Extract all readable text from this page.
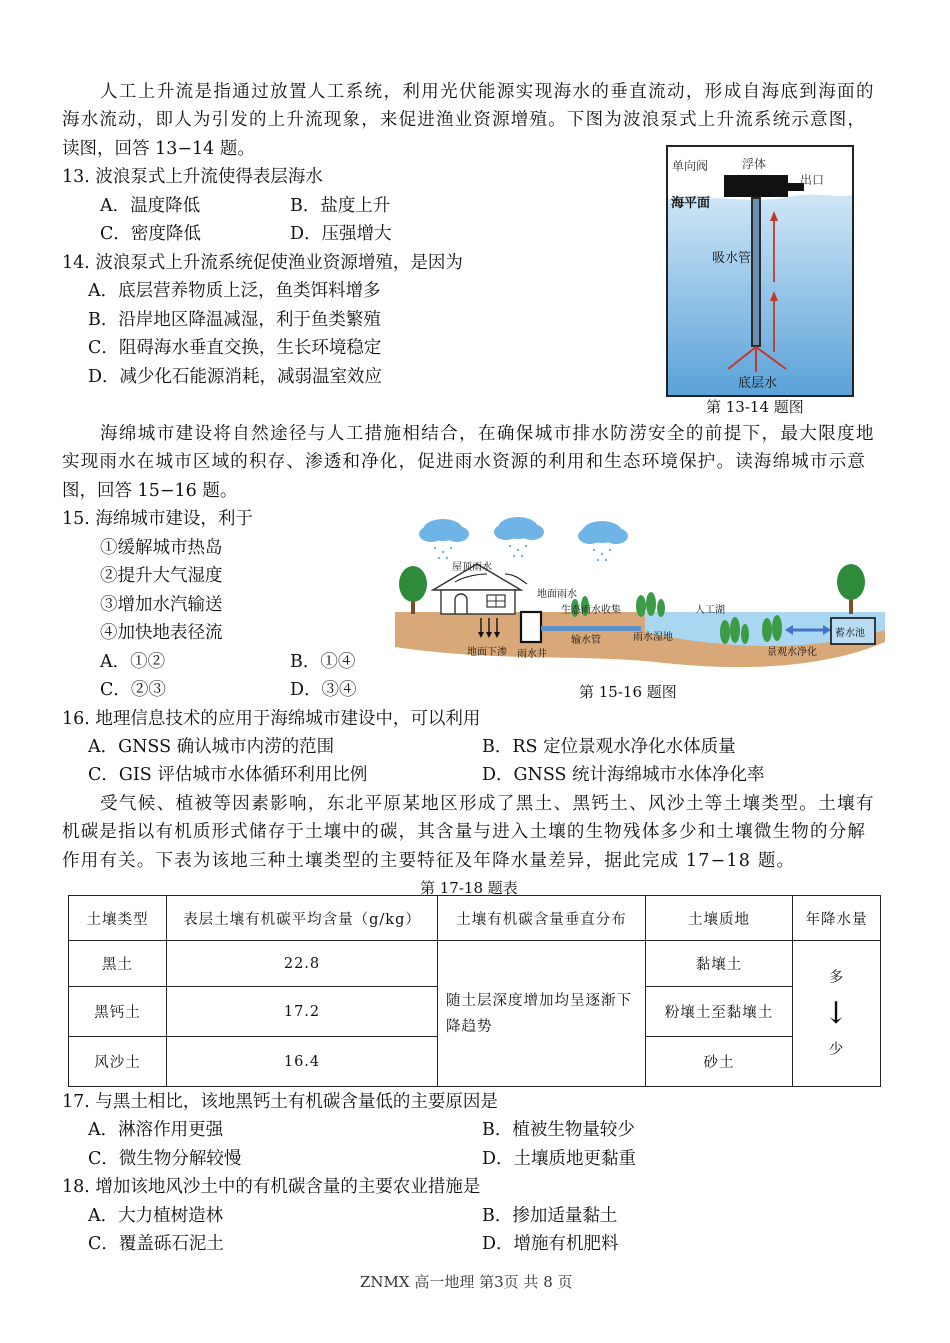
人工上升流是指通过放置人工系统，利用光伏能源实现海水的垂直流动，形成自海底到海面的
海水流动，即人为引发的上升流现象，来促进渔业资源增殖。下图为波浪泵式上升流系统示意图，
读图，回答 13−14 题。
13. 波浪泵式上升流使得表层海水
A．温度降低	B．盐度上升
C．密度降低	D．压强增大
14. 波浪泵式上升流系统促使渔业资源增殖，是因为
A．底层营养物质上泛，鱼类饵料增多
B．沿岸地区降温减湿，利于鱼类繁殖
C．阻碍海水垂直交换，生长环境稳定
D．减少化石能源消耗，减弱温室效应
单向阀	浮体
出口
海平面
吸水管
底层水
第 13-14 题图
海绵城市建设将自然途径与人工措施相结合，在确保城市排水防涝安全的前提下，最大限度地
实现雨水在城市区域的积存、渗透和净化，促进雨水资源的利用和生态环境保护。读海绵城市示意
图，回答 15−16 题。
15. 海绵城市建设，利于
①缓解城市热岛
②提升大气湿度
③增加水汽输送
④加快地表径流
A．①②	B．①④
C．②③	D．③④
屋顶雨水
地面雨水
生态雨水收集	人工湖
地面下渗 雨水井
输水管	雨水湿地
景观水净化
蓄水池
第 15-16 题图
16. 地理信息技术的应用于海绵城市建设中，可以利用
A．GNSS 确认城市内涝的范围	B．RS 定位景观水净化水体质量
C．GIS 评估城市水体循环利用比例	D．GNSS 统计海绵城市水体净化率
受气候、植被等因素影响，东北平原某地区形成了黑土、黑钙土、风沙土等土壤类型。土壤有
机碳是指以有机质形式储存于土壤中的碳，其含量与进入土壤的生物残体多少和土壤微生物的分解
作用有关。下表为该地三种土壤类型的主要特征及年降水量差异，据此完成 17−18 题。
第 17-18 题表
土壤类型	表层土壤有机碳平均含量（g/kg）	土壤有机碳含量垂直分布	土壤质地	年降水量
黑土	22.8	随土层深度增加均呈逐渐下降趋势	黏壤土	多
↓
少

黑钙土	17.2		粉壤土至黏壤土	
风沙土	16.4		砂土	
17. 与黑土相比，该地黑钙土有机碳含量低的主要原因是
A．淋溶作用更强	B．植被生物量较少
C．微生物分解较慢	D．土壤质地更黏重
18. 增加该地风沙土中的有机碳含量的主要农业措施是
A．大力植树造林	B．掺加适量黏土
C．覆盖砾石泥土	D．增施有机肥料
ZNMX 高一地理 第3页 共 8 页
